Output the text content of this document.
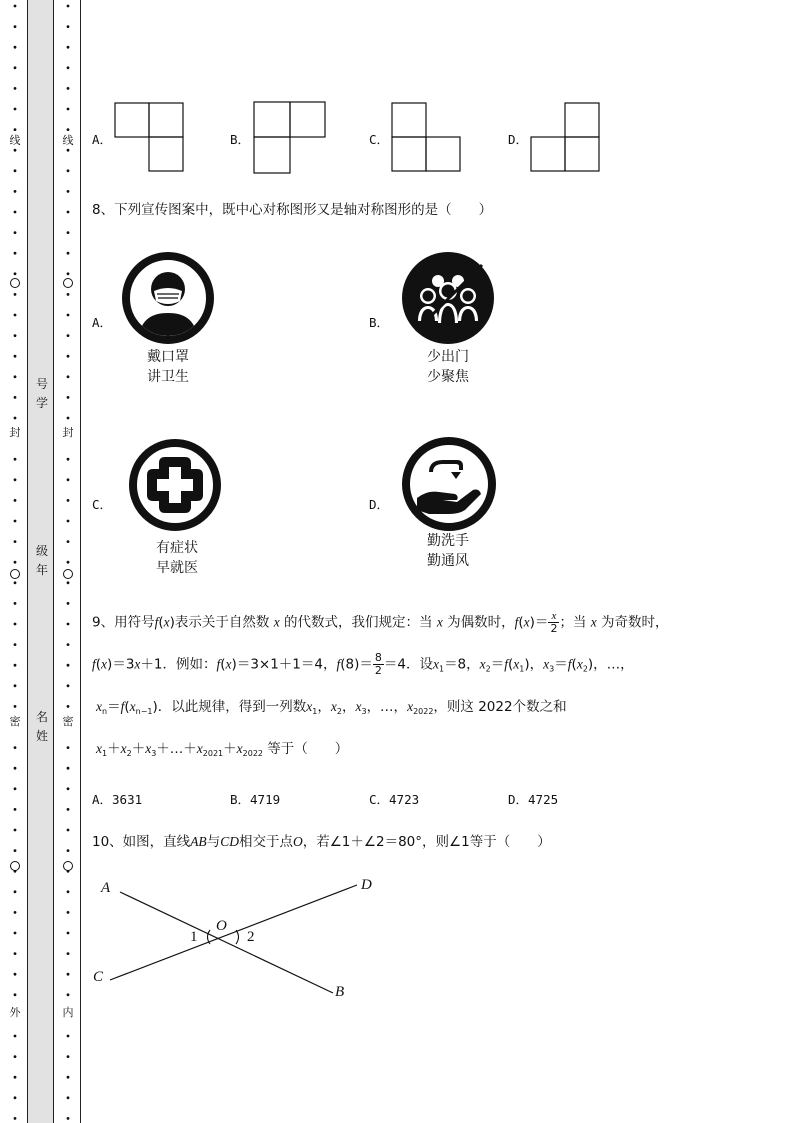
线
封
密
外
线
封
密
内
号
学
级
年
名
姓
A．	B．	C．	D．
8、下列宣传图案中，既中心对称图形又是轴对称图形的是（　　）
A．
戴口罩
讲卫生
B．
少出门
少聚焦
C．
有症状
早就医
D．
勤洗手
勤通风
9、用符号f(x)表示关于自然数 x 的代数式，我们规定：当 x 为偶数时，$f(x)= \frac{x}{2}$ ；当 x 为奇数时，
f(x)＝3x＋1．例如：f(x)＝3×1＋1＝4，$f(8)= \frac{8}{2} =4$．设$x_1=8$，$x_2=f(x_1)$，$x_3=f(x_2)$，…，
$x_n=f(x_{n-1})$．以此规律，得到一列数$x_1$，$x_2$，$x_3$，…，$x_{2022}$，则这 2022个数之和
$x_1+x_2+x_3+\dots+x_{2021}+x_{2022}$ 等于（　　）
A．3631	B．4719	C．4723	D．4725
10、如图，直线AB与CD相交于点O，若∠1＋∠2＝80°，则∠1等于（　　）
A
B
C
D
O
1	2
